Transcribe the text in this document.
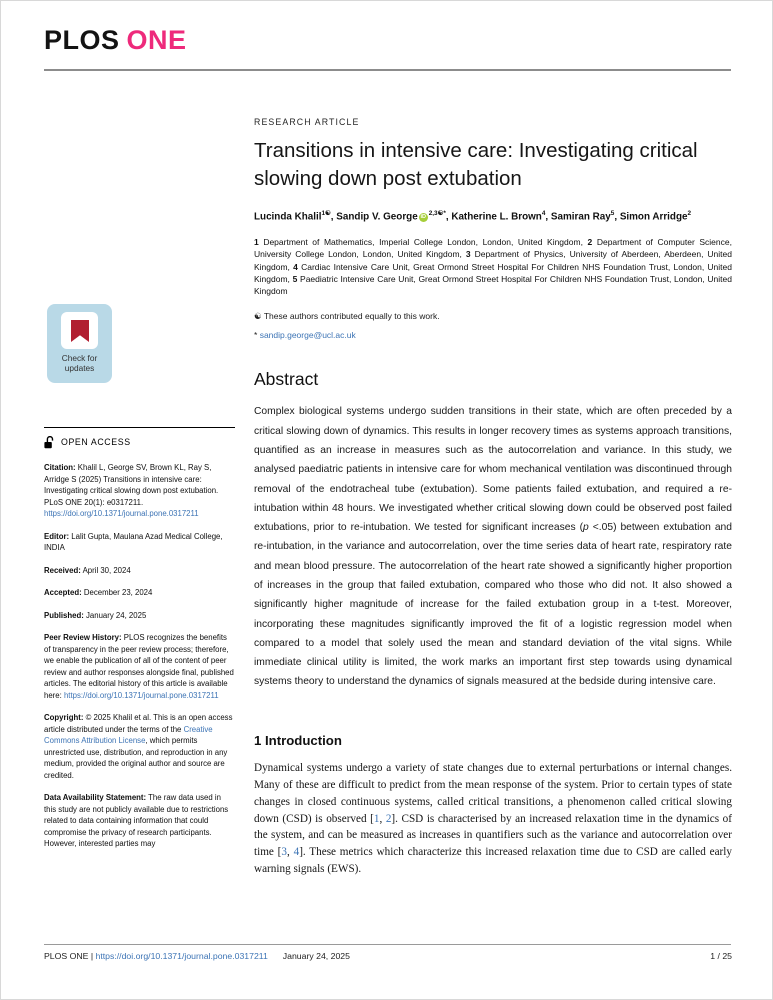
PLOS ONE
Check for
updates
OPEN ACCESS

Citation: Khalil L, George SV, Brown KL, Ray S, Arridge S (2025) Transitions in intensive care: Investigating critical slowing down post extubation. PLoS ONE 20(1): e0317211. https://doi.org/10.1371/journal.pone.0317211

Editor: Lalit Gupta, Maulana Azad Medical College, INDIA

Received: April 30, 2024

Accepted: December 23, 2024

Published: January 24, 2025

Peer Review History: PLOS recognizes the benefits of transparency in the peer review process; therefore, we enable the publication of all of the content of peer review and author responses alongside final, published articles. The editorial history of this article is available here: https://doi.org/10.1371/journal.pone.0317211

Copyright: © 2025 Khalil et al. This is an open access article distributed under the terms of the Creative Commons Attribution License, which permits unrestricted use, distribution, and reproduction in any medium, provided the original author and source are credited.

Data Availability Statement: The raw data used in this study are not publicly available due to restrictions related to data containing information that could compromise the privacy of research participants. However, interested parties may

RESEARCH ARTICLE
Transitions in intensive care: Investigating critical slowing down post extubation

Lucinda Khalil$^{1☯}$, Sandip V. George $iD^{2,3☯*}$, Katherine L. Brown$^4$, Samiran Ray$^5$, Simon Arridge$^2$

1 Department of Mathematics, Imperial College London, London, United Kingdom, 2 Department of Computer Science, University College London, London, United Kingdom, 3 Department of Physics, University of Aberdeen, Aberdeen, United Kingdom, 4 Cardiac Intensive Care Unit, Great Ormond Street Hospital For Children NHS Foundation Trust, London, United Kingdom, 5 Paediatric Intensive Care Unit, Great Ormond Street Hospital For Children NHS Foundation Trust, London, United Kingdom

☯ These authors contributed equally to this work.

* sandip.george@ucl.ac.uk

Abstract

Complex biological systems undergo sudden transitions in their state, which are often preceded by a critical slowing down of dynamics. This results in longer recovery times as systems approach transitions, quantified as an increase in measures such as the autocorrelation and variance. In this study, we analysed paediatric patients in intensive care for whom mechanical ventilation was discontinued through removal of the endotracheal tube (extubation). Some patients failed extubation, and required a re-intubation within 48 hours. We investigated whether critical slowing down could be observed post failed extubations, prior to re-intubation. We tested for significant increases (p <.05) between extubation and re-intubation, in the variance and autocorrelation, over the time series data of heart rate, respiratory rate and mean blood pressure. The autocorrelation of the heart rate showed a significantly higher proportion of increases in the group that failed extubation, compared who those who did not. It also showed a significantly higher magnitude of increase for the failed extubation group in a t-test. Moreover, incorporating these magnitudes significantly improved the fit of a logistic regression model when compared to a model that solely used the mean and standard deviation of the vital signs. While immediate clinical utility is limited, the work marks an important first step towards using dynamical systems theory to understand the dynamics of signals measured at the bedside during intensive care.

1 Introduction

Dynamical systems undergo a variety of state changes due to external perturbations or internal changes. Many of these are difficult to predict from the mean response of the system. Prior to certain types of state changes in closed continuous systems, called critical transitions, a phenomenon called critical slowing down (CSD) is observed [1, 2]. CSD is characterised by an increased relaxation time in the dynamics of the system, and can be measured as increases in quantifiers such as the variance and autocorrelation over time [3, 4]. These metrics which characterize this increased relaxation time due to CSD are called early warning signals (EWS).

PLOS ONE | https://doi.org/10.1371/journal.pone.0317211 January 24, 2025	1 / 25
